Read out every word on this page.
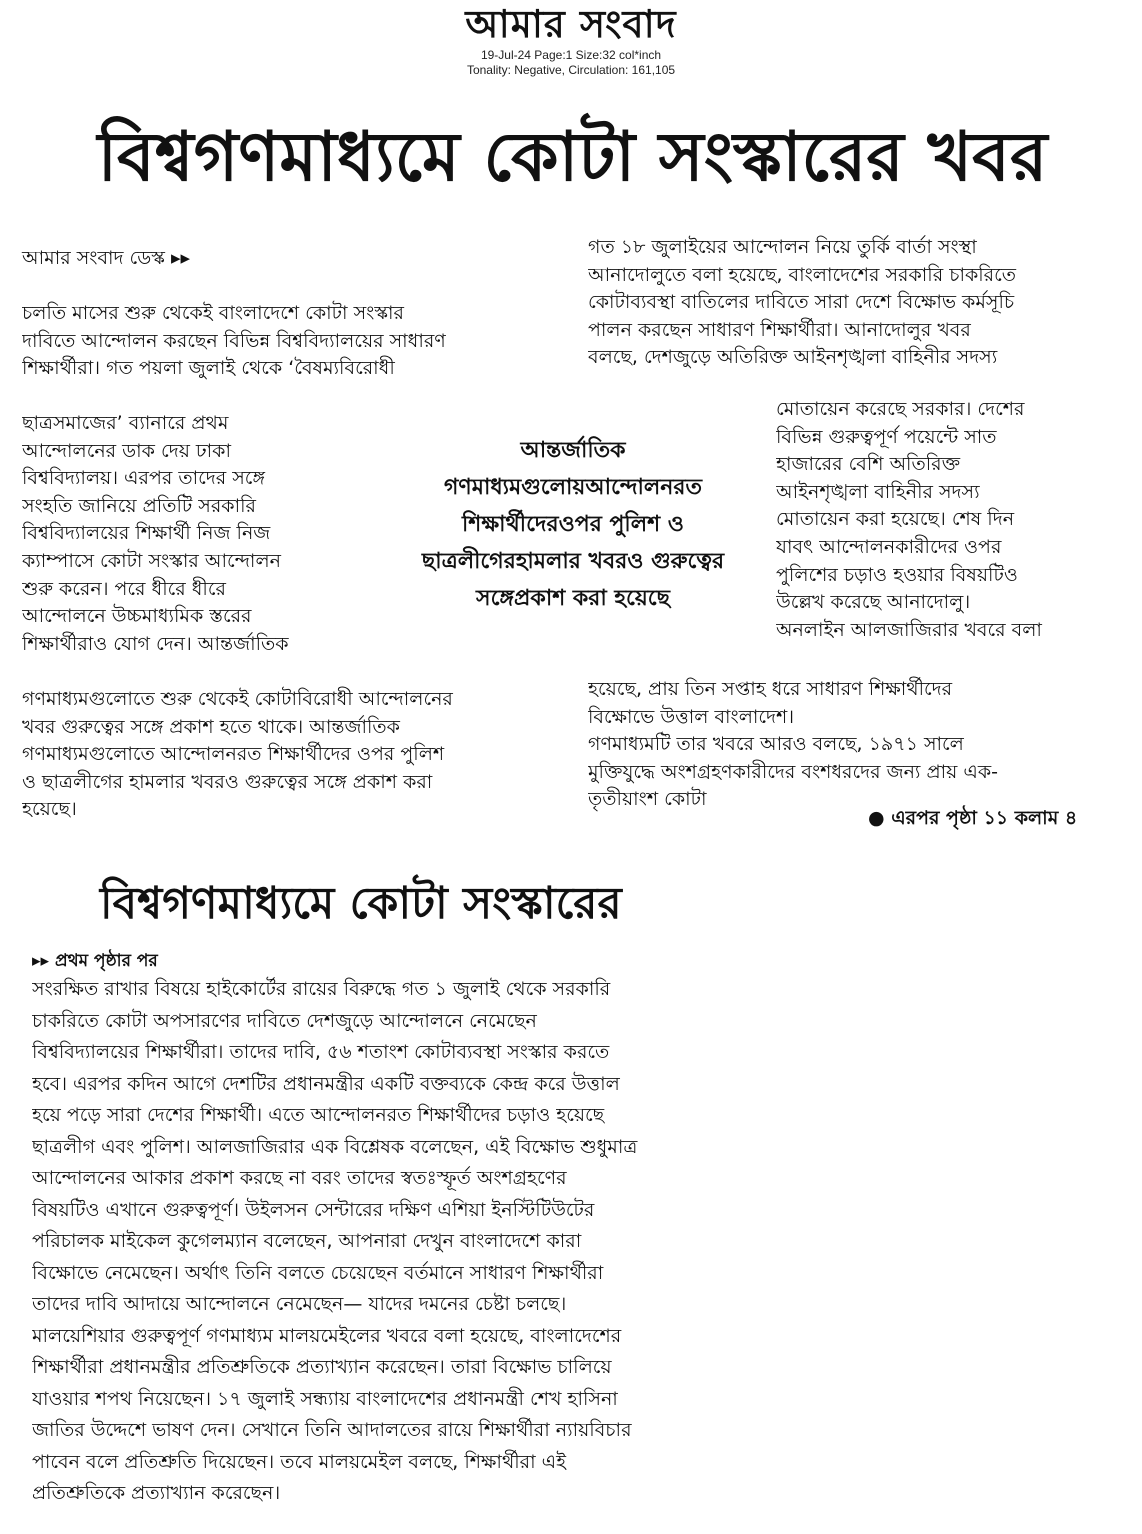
আমার সংবাদ
19-Jul-24 Page:1 Size:32 col*inch
Tonality: Negative, Circulation: 161,105
বিশ্বগণমাধ্যমে কোটা সংস্কারের খবর
আমার সংবাদ ডেস্ক ▸▸
চলতি মাসের শুরু থেকেই বাংলাদেশে কোটা সংস্কার
দাবিতে আন্দোলন করছেন বিভিন্ন বিশ্ববিদ্যালয়ের সাধারণ
শিক্ষার্থীরা। গত পয়লা জুলাই থেকে ‘বৈষম্যবিরোধী
ছাত্রসমাজের’ ব্যানারে প্রথম
আন্দোলনের ডাক দেয় ঢাকা
বিশ্ববিদ্যালয়। এরপর তাদের সঙ্গে
সংহতি জানিয়ে প্রতিটি সরকারি
বিশ্ববিদ্যালয়ের শিক্ষার্থী নিজ নিজ
ক্যাম্পাসে কোটা সংস্কার আন্দোলন
শুরু করেন। পরে ধীরে ধীরে
আন্দোলনে উচ্চমাধ্যমিক স্তরের
শিক্ষার্থীরাও যোগ দেন। আন্তর্জাতিক
গণমাধ্যমগুলোতে শুরু থেকেই কোটাবিরোধী আন্দোলনের
খবর গুরুত্বের সঙ্গে প্রকাশ হতে থাকে। আন্তর্জাতিক
গণমাধ্যমগুলোতে আন্দোলনরত শিক্ষার্থীদের ওপর পুলিশ
ও ছাত্রলীগের হামলার খবরও গুরুত্বের সঙ্গে প্রকাশ করা
হয়েছে।
আন্তর্জাতিক গণমাধ্যমগুলোয়আন্দোলনরত শিক্ষার্থীদেরওপর পুলিশ ও ছাত্রলীগেরহামলার খবরও গুরুত্বের সঙ্গেপ্রকাশ করা হয়েছে
গত ১৮ জুলাইয়ের আন্দোলন নিয়ে তুর্কি বার্তা সংস্থা
আনাদোলুতে বলা হয়েছে, বাংলাদেশের সরকারি চাকরিতে
কোটাব্যবস্থা বাতিলের দাবিতে সারা দেশে বিক্ষোভ কর্মসূচি
পালন করছেন সাধারণ শিক্ষার্থীরা। আনাদোলুর খবর
বলছে, দেশজুড়ে অতিরিক্ত আইনশৃঙ্খলা বাহিনীর সদস্য
মোতায়েন করেছে সরকার। দেশের
বিভিন্ন গুরুত্বপূর্ণ পয়েন্টে সাত
হাজারের বেশি অতিরিক্ত
আইনশৃঙ্খলা বাহিনীর সদস্য
মোতায়েন করা হয়েছে। শেষ দিন
যাবৎ আন্দোলনকারীদের ওপর
পুলিশের চড়াও হওয়ার বিষয়টিও
উল্লেখ করেছে আনাদোলু।
অনলাইন আলজাজিরার খবরে বলা
হয়েছে, প্রায় তিন সপ্তাহ ধরে সাধারণ শিক্ষার্থীদের
বিক্ষোভে উত্তাল বাংলাদেশ।
গণমাধ্যমটি তার খবরে আরও বলছে, ১৯৭১ সালে
মুক্তিযুদ্ধে অংশগ্রহণকারীদের বংশধরদের জন্য প্রায় এক-
তৃতীয়াংশ কোটা
● এরপর পৃষ্ঠা ১১ কলাম ৪
বিশ্বগণমাধ্যমে কোটা সংস্কারের
▸▸ প্রথম পৃষ্ঠার পর
সংরক্ষিত রাখার বিষয়ে হাইকোর্টের রায়ের বিরুদ্ধে গত ১ জুলাই থেকে সরকারি
চাকরিতে কোটা অপসারণের দাবিতে দেশজুড়ে আন্দোলনে নেমেছেন
বিশ্ববিদ্যালয়ের শিক্ষার্থীরা। তাদের দাবি, ৫৬ শতাংশ কোটাব্যবস্থা সংস্কার করতে
হবে। এরপর কদিন আগে দেশটির প্রধানমন্ত্রীর একটি বক্তব্যকে কেন্দ্র করে উত্তাল
হয়ে পড়ে সারা দেশের শিক্ষার্থী। এতে আন্দোলনরত শিক্ষার্থীদের চড়াও হয়েছে
ছাত্রলীগ এবং পুলিশ। আলজাজিরার এক বিশ্লেষক বলেছেন, এই বিক্ষোভ শুধুমাত্র
আন্দোলনের আকার প্রকাশ করছে না বরং তাদের স্বতঃস্ফূর্ত অংশগ্রহণের
বিষয়টিও এখানে গুরুত্বপূর্ণ। উইলসন সেন্টারের দক্ষিণ এশিয়া ইনস্টিটিউটের
পরিচালক মাইকেল কুগেলম্যান বলেছেন, আপনারা দেখুন বাংলাদেশে কারা
বিক্ষোভে নেমেছেন। অর্থাৎ তিনি বলতে চেয়েছেন বর্তমানে সাধারণ শিক্ষার্থীরা
তাদের দাবি আদায়ে আন্দোলনে নেমেছেন— যাদের দমনের চেষ্টা চলছে।
মালয়েশিয়ার গুরুত্বপূর্ণ গণমাধ্যম মালয়মেইলের খবরে বলা হয়েছে, বাংলাদেশের
শিক্ষার্থীরা প্রধানমন্ত্রীর প্রতিশ্রুতিকে প্রত্যাখ্যান করেছেন। তারা বিক্ষোভ চালিয়ে
যাওয়ার শপথ নিয়েছেন। ১৭ জুলাই সন্ধ্যায় বাংলাদেশের প্রধানমন্ত্রী শেখ হাসিনা
জাতির উদ্দেশে ভাষণ দেন। সেখানে তিনি আদালতের রায়ে শিক্ষার্থীরা ন্যায়বিচার
পাবেন বলে প্রতিশ্রুতি দিয়েছেন। তবে মালয়মেইল বলছে, শিক্ষার্থীরা এই
প্রতিশ্রুতিকে প্রত্যাখ্যান করেছেন।
